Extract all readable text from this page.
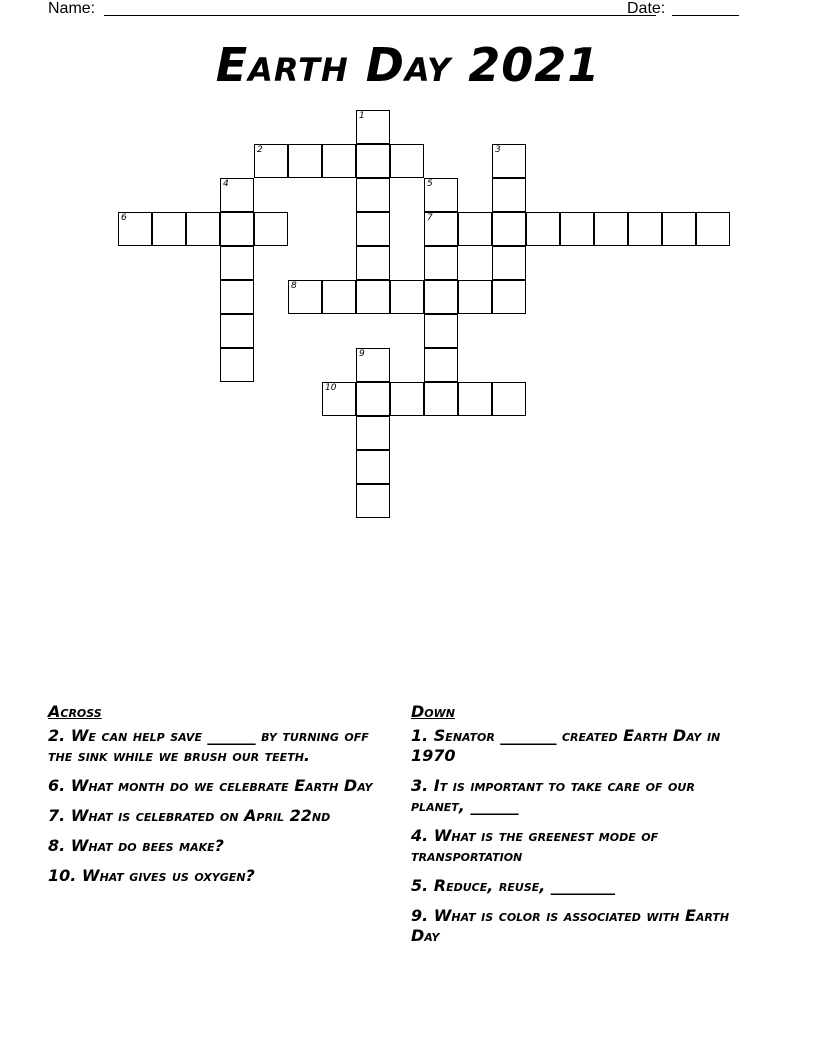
Name:	Date:
Earth Day 2021
1
2	3
4	5
7
6
8
9
10
Across
2. We can help save ______ by turning off the sink while we brush our teeth.
6. What month do we celebrate Earth Day
7. What is celebrated on April 22nd
8. What do bees make?
10. What gives us oxygen?
Down
1. Senator _______ created Earth Day in 1970
3. It is important to take care of our planet, ______
4. What is the greenest mode of transportation
5. Reduce, reuse, ________
9. What is color is associated with Earth Day
